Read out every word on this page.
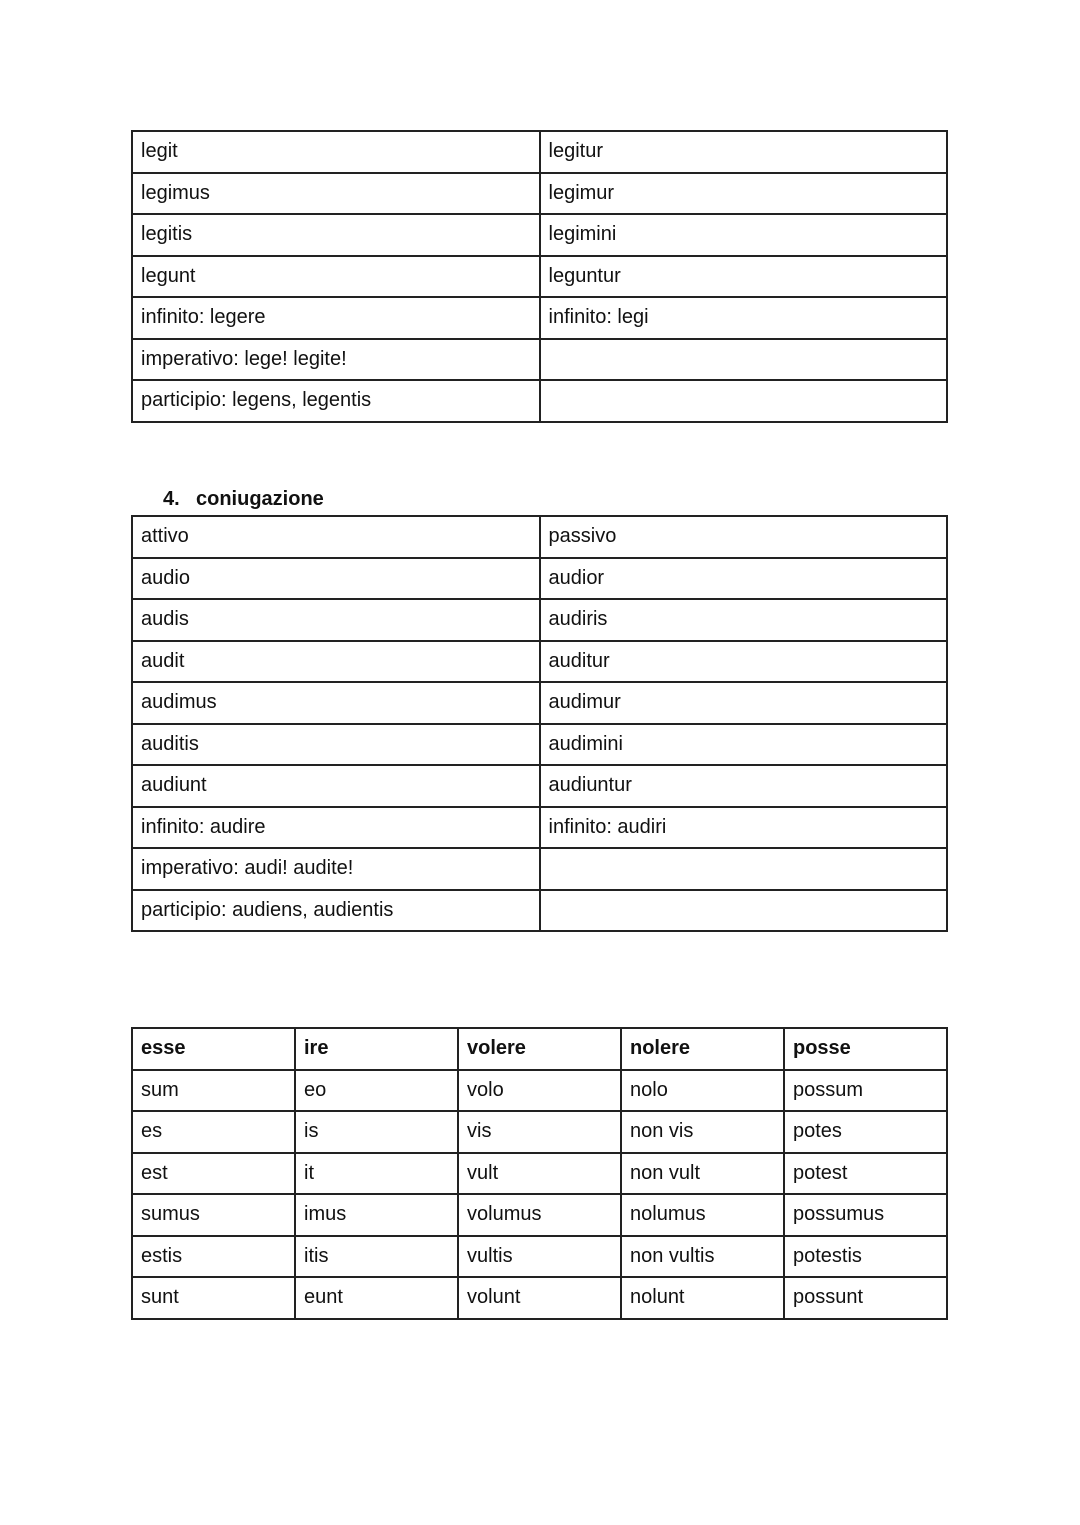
legit	legitur
legimus	legimur
legitis	legimini
legunt	leguntur
infinito: legere	infinito: legi
imperativo: lege! legite!	
participio: legens, legentis	
4. coniugazione
attivo	passivo
audio	audior
audis	audiris
audit	auditur
audimus	audimur
auditis	audimini
audiunt	audiuntur
infinito: audire	infinito: audiri
imperativo: audi! audite!	
participio: audiens, audientis	
esse	ire	volere	nolere	posse
sum	eo	volo	nolo	possum
es	is	vis	non vis	potes
est	it	vult	non vult	potest
sumus	imus	volumus	nolumus	possumus
estis	itis	vultis	non vultis	potestis
sunt	eunt	volunt	nolunt	possunt
